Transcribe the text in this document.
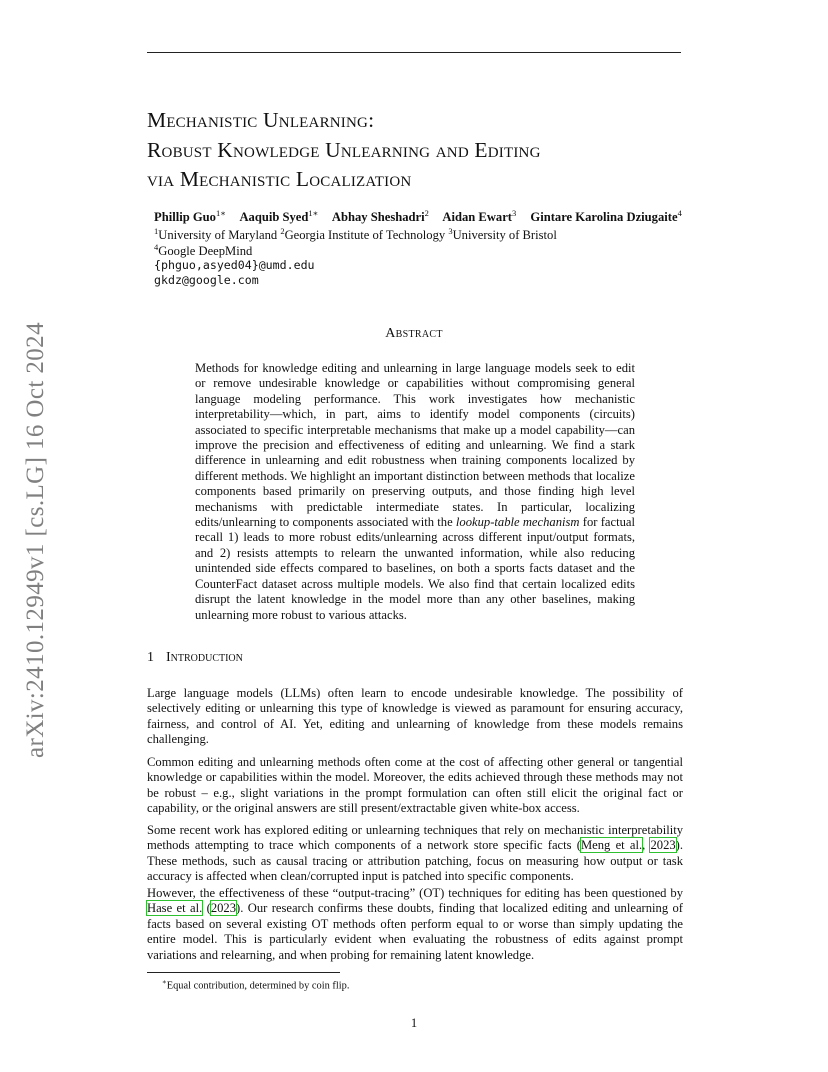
Mechanistic Unlearning:
Robust Knowledge Unlearning and Editing
via Mechanistic Localization
Phillip Guo$^{1∗}$ Aaquib Syed$^{1∗}$ Abhay Sheshadri$^2$ Aidan Ewart$^3$ Gintare Karolina Dziugaite$^4$
$^1$University of Maryland $^2$Georgia Institute of Technology $^3$University of Bristol
$^4$Google DeepMind
{phguo,asyed04}@umd.edu
gkdz@google.com
arXiv:2410.12949v1 [cs.LG] 16 Oct 2024	Abstract
Methods for knowledge editing and unlearning in large language models seek to edit or remove undesirable knowledge or capabilities without compromising general language modeling performance. This work investigates how mechanistic interpretability—which, in part, aims to identify model components (circuits) associated to specific interpretable mechanisms that make up a model capability—can improve the precision and effectiveness of editing and unlearning. We find a stark difference in unlearning and edit robustness when training components localized by different methods. We highlight an important distinction between methods that localize components based primarily on preserving outputs, and those finding high level mechanisms with predictable intermediate states. In particular, localizing edits/unlearning to components associated with the lookup-table mechanism for factual recall 1) leads to more robust edits/unlearning across different input/output formats, and 2) resists attempts to relearn the unwanted information, while also reducing unintended side effects compared to baselines, on both a sports facts dataset and the CounterFact dataset across multiple models. We also find that certain localized edits disrupt the latent knowledge in the model more than any other baselines, making unlearning more robust to various attacks.
1 Introduction
Large language models (LLMs) often learn to encode undesirable knowledge. The possibility of selectively editing or unlearning this type of knowledge is viewed as paramount for ensuring accuracy, fairness, and control of AI. Yet, editing and unlearning of knowledge from these models remains challenging.
Common editing and unlearning methods often come at the cost of affecting other general or tangential knowledge or capabilities within the model. Moreover, the edits achieved through these methods may not be robust – e.g., slight variations in the prompt formulation can often still elicit the original fact or capability, or the original answers are still present/extractable given white-box access.
Some recent work has explored editing or unlearning techniques that rely on mechanistic interpretability methods attempting to trace which components of a network store specific facts (Meng et al., 2023). These methods, such as causal tracing or attribution patching, focus on measuring how output or task accuracy is affected when clean/corrupted input is patched into specific components.
However, the effectiveness of these “output-tracing” (OT) techniques for editing has been questioned by Hase et al. (2023). Our research confirms these doubts, finding that localized editing and unlearning of facts based on several existing OT methods often perform equal to or worse than simply updating the entire model. This is particularly evident when evaluating the robustness of edits against prompt variations and relearning, and when probing for remaining latent knowledge.
∗Equal contribution, determined by coin flip.
1
